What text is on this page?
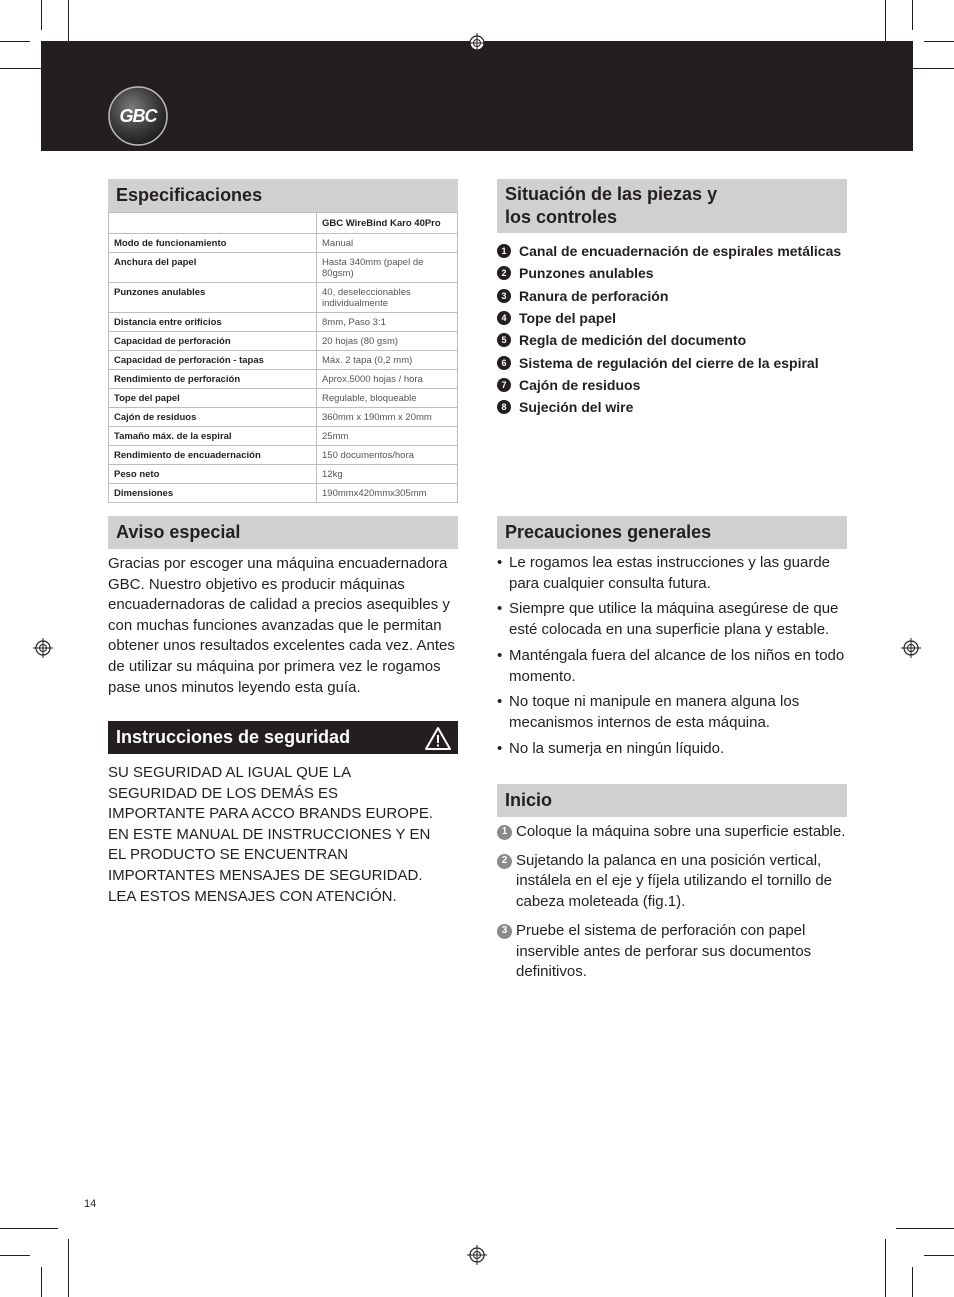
GBC
Especificaciones
	GBC WireBind Karo 40Pro
Modo de funcionamiento	Manual
Anchura del papel	Hasta 340mm (papel de 80gsm)
Punzones anulables	40, deseleccionables individualmente
Distancia entre orificios	8mm, Paso 3:1
Capacidad de perforación	20 hojas (80 gsm)
Capacidad de perforación - tapas	Máx. 2 tapa (0,2 mm)
Rendimiento de perforación	Aprox.5000 hojas / hora
Tope del papel	Regulable, bloqueable
Cajón de residuos	360mm x 190mm x 20mm
Tamaño máx. de la espiral	25mm
Rendimiento de encuadernación	150 documentos/hora
Peso neto	12kg
Dimensiones	190mmx420mmx305mm
Situación de las piezas y
los controles
1 Canal de encuadernación de espirales metálicas
2 Punzones anulables
3 Ranura de perforación
4 Tope del papel
5 Regla de medición del documento
6 Sistema de regulación del cierre de la espiral
7 Cajón de residuos
8 Sujeción del wire
Aviso especial

Gracias por escoger una máquina encuadernadora GBC. Nuestro objetivo es producir máquinas encuadernadoras de calidad a precios asequibles y con muchas funciones avanzadas que le permitan obtener unos resultados excelentes cada vez. Antes de utilizar su máquina por primera vez le rogamos pase unos minutos leyendo esta guía.

Instrucciones de seguridad

SU SEGURIDAD AL IGUAL QUE LA SEGURIDAD DE LOS DEMÁS ES IMPORTANTE PARA ACCO BRANDS EUROPE. EN ESTE MANUAL DE INSTRUCCIONES Y EN EL PRODUCTO SE ENCUENTRAN IMPORTANTES MENSAJES DE SEGURIDAD. LEA ESTOS MENSAJES CON ATENCIÓN.

Precauciones generales
• Le rogamos lea estas instrucciones y las guarde para cualquier consulta futura.
• Siempre que utilice la máquina asegúrese de que esté colocada en una superficie plana y estable.
• Manténgala fuera del alcance de los niños en todo momento.
• No toque ni manipule en manera alguna los mecanismos internos de esta máquina.
• No la sumerja en ningún líquido.
Inicio
1 Coloque la máquina sobre una superficie estable.
2 Sujetando la palanca en una posición vertical, instálela en el eje y fíjela utilizando el tornillo de cabeza moleteada (fig.1).
3 Pruebe el sistema de perforación con papel inservible antes de perforar sus documentos definitivos.
14
